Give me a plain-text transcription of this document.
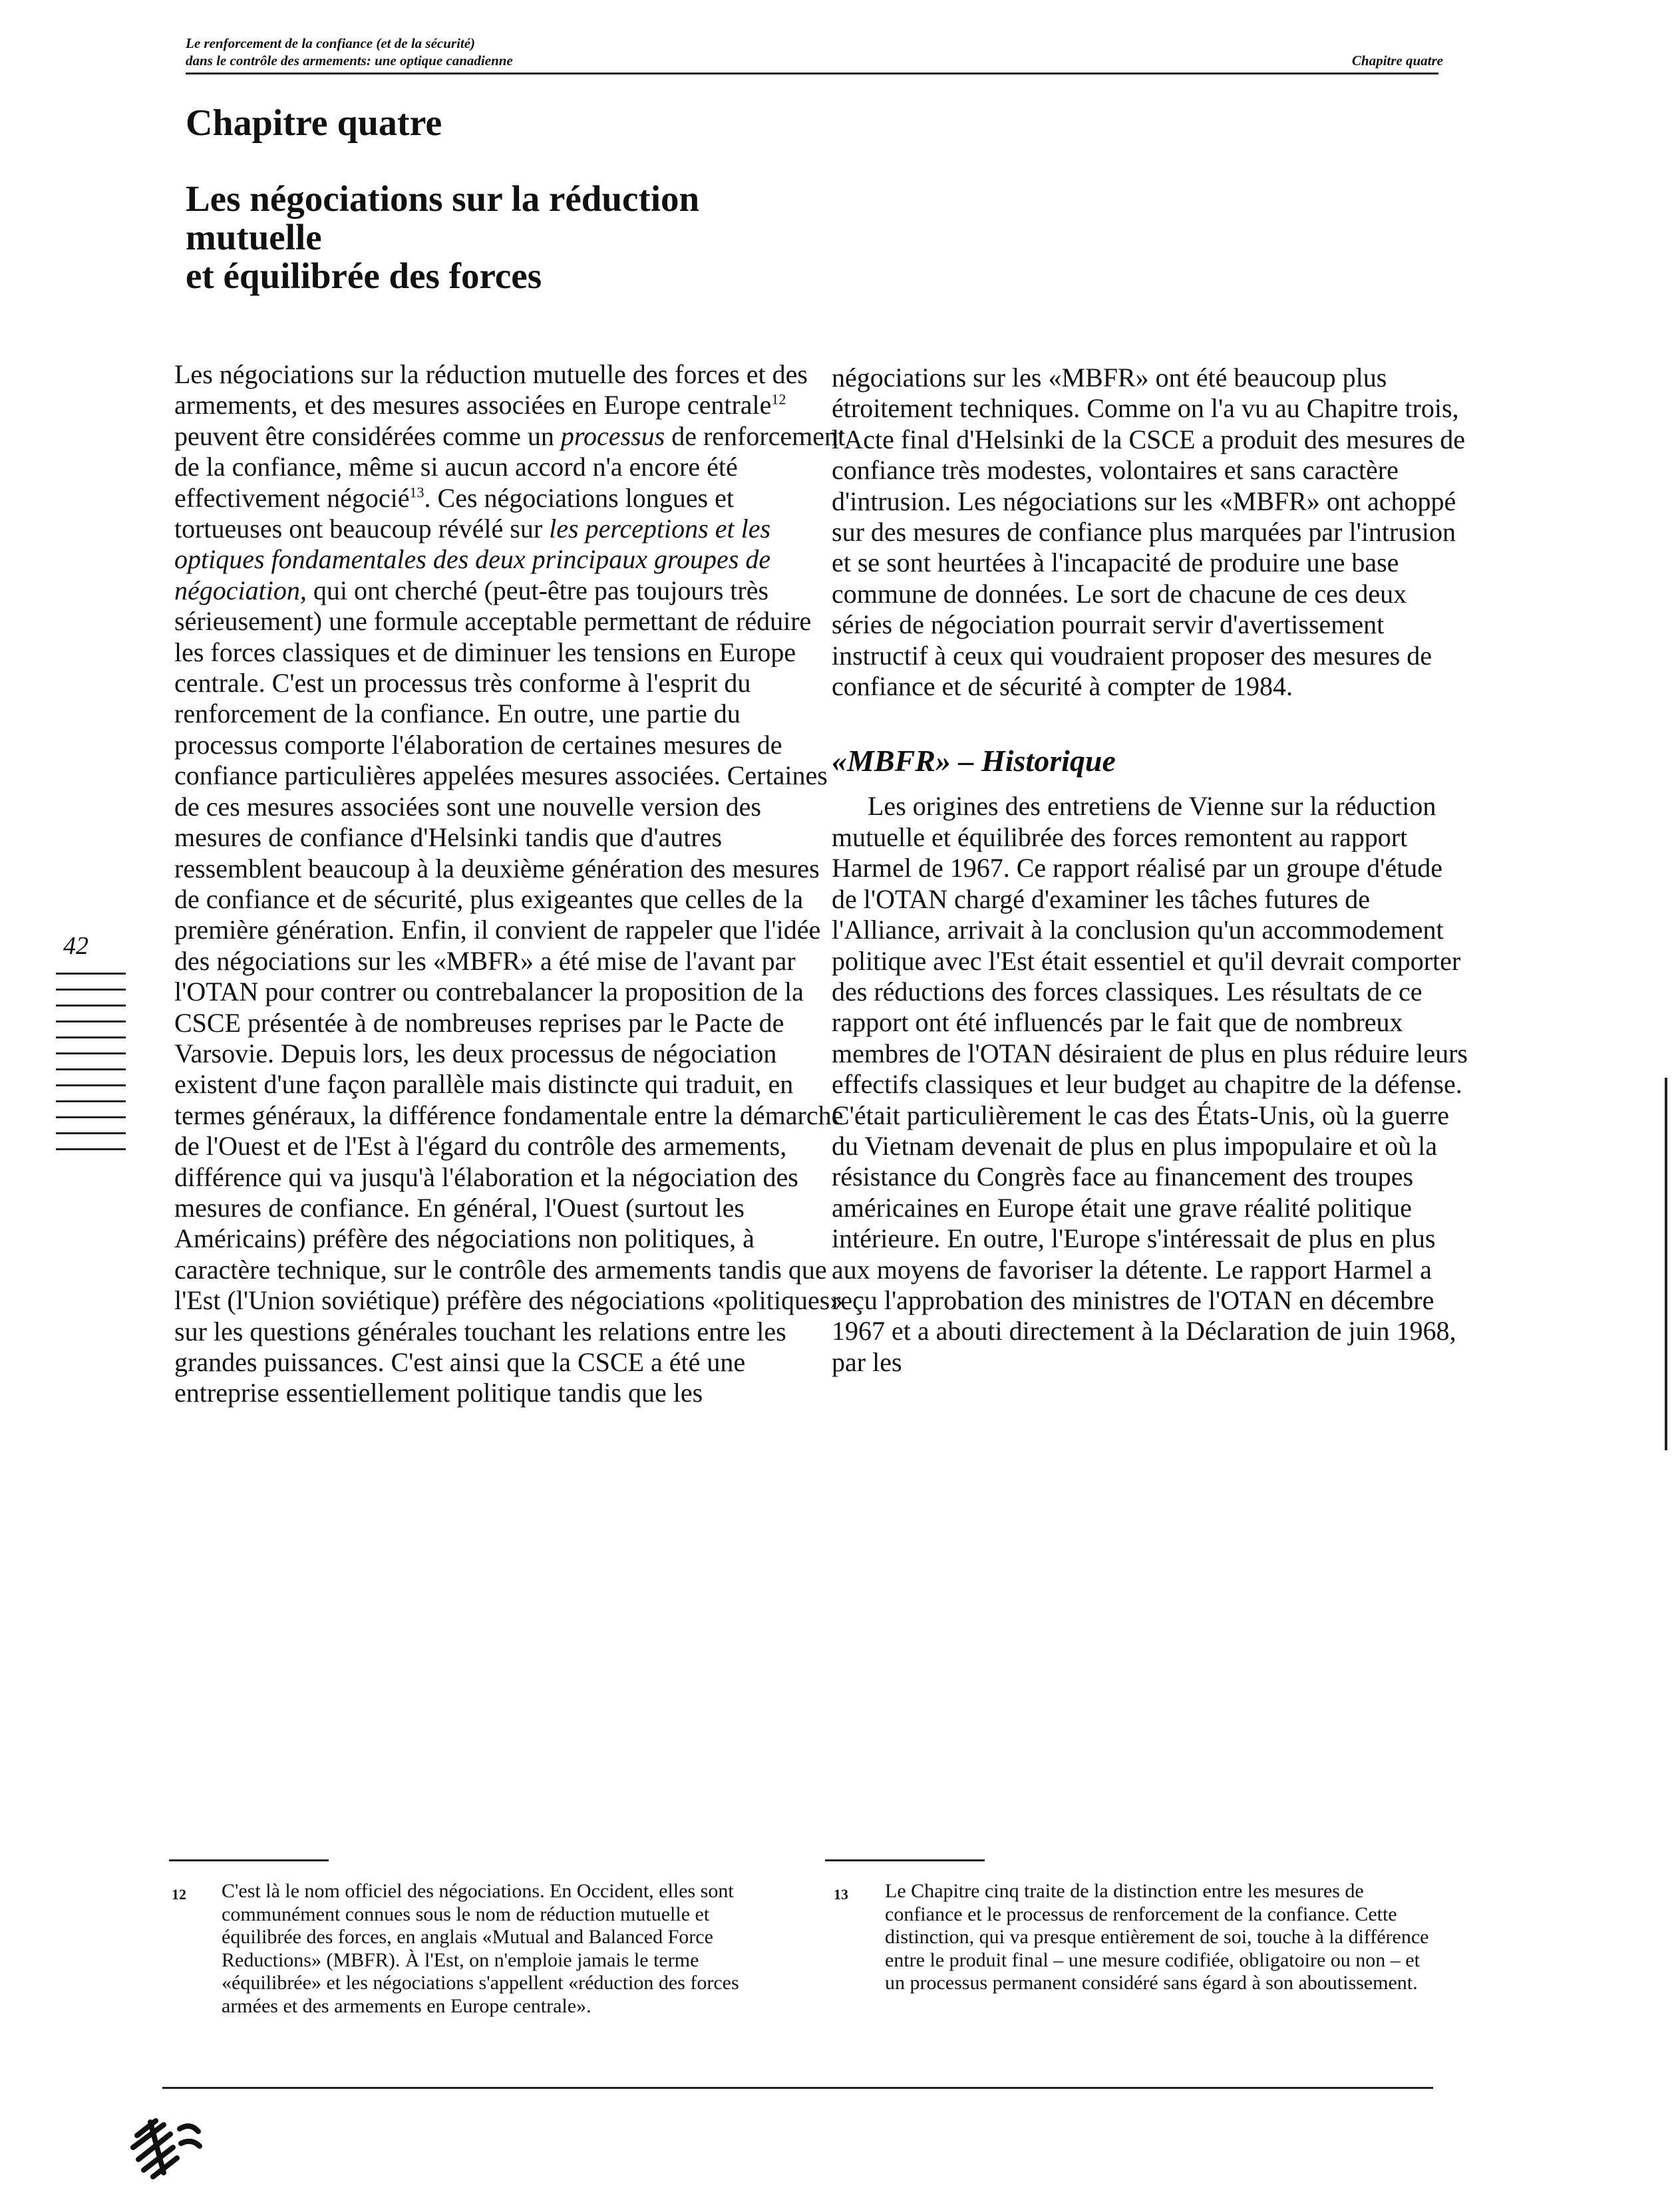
Le renforcement de la confiance (et de la sécurité)
dans le contrôle des armements: une optique canadienne	Chapitre quatre
Chapitre quatre
Les négociations sur la réduction
mutuelle
et équilibrée des forces
42

Les négociations sur la réduction mutuelle des forces et des armements, et des mesures associées en Europe centrale$^{12}$ peuvent être considérées comme un processus de renforcement de la confiance, même si aucun accord n'a encore été effectivement négocié$^{13}$. Ces négociations longues et tortueuses ont beaucoup révélé sur les perceptions et les optiques fondamentales des deux principaux groupes de négociation, qui ont cherché (peut-être pas toujours très sérieusement) une formule acceptable permettant de réduire les forces classiques et de diminuer les tensions en Europe centrale. C'est un processus très conforme à l'esprit du renforcement de la confiance. En outre, une partie du processus comporte l'élaboration de certaines mesures de confiance particulières appelées mesures associées. Certaines de ces mesures associées sont une nouvelle version des mesures de confiance d'Helsinki tandis que d'autres ressemblent beaucoup à la deuxième génération des mesures de confiance et de sécurité, plus exigeantes que celles de la première génération. Enfin, il convient de rappeler que l'idée des négociations sur les «MBFR» a été mise de l'avant par l'OTAN pour contrer ou contrebalancer la proposition de la CSCE présentée à de nombreuses reprises par le Pacte de Varsovie. Depuis lors, les deux processus de négociation existent d'une façon parallèle mais distincte qui traduit, en termes généraux, la différence fondamentale entre la démarche de l'Ouest et de l'Est à l'égard du contrôle des armements, différence qui va jusqu'à l'élaboration et la négociation des mesures de confiance. En général, l'Ouest (surtout les Américains) préfère des négociations non politiques, à caractère technique, sur le contrôle des armements tandis que l'Est (l'Union soviétique) préfère des négociations «politiques» sur les questions générales touchant les relations entre les grandes puissances. C'est ainsi que la CSCE a été une entreprise essentiellement politique tandis que les

négociations sur les «MBFR» ont été beaucoup plus étroitement techniques. Comme on l'a vu au Chapitre trois, l'Acte final d'Helsinki de la CSCE a produit des mesures de confiance très modestes, volontaires et sans caractère d'intrusion. Les négociations sur les «MBFR» ont achoppé sur des mesures de confiance plus marquées par l'intrusion et se sont heurtées à l'incapacité de produire une base commune de données. Le sort de chacune de ces deux séries de négociation pourrait servir d'avertissement instructif à ceux qui voudraient proposer des mesures de confiance et de sécurité à compter de 1984.

«MBFR» – Historique

Les origines des entretiens de Vienne sur la réduction mutuelle et équilibrée des forces remontent au rapport Harmel de 1967. Ce rapport réalisé par un groupe d'étude de l'OTAN chargé d'examiner les tâches futures de l'Alliance, arrivait à la conclusion qu'un accommodement politique avec l'Est était essentiel et qu'il devrait comporter des réductions des forces classiques. Les résultats de ce rapport ont été influencés par le fait que de nombreux membres de l'OTAN désiraient de plus en plus réduire leurs effectifs classiques et leur budget au chapitre de la défense. C'était particulièrement le cas des États-Unis, où la guerre du Vietnam devenait de plus en plus impopulaire et où la résistance du Congrès face au financement des troupes américaines en Europe était une grave réalité politique intérieure. En outre, l'Europe s'intéressait de plus en plus aux moyens de favoriser la détente. Le rapport Harmel a reçu l'approbation des ministres de l'OTAN en décembre 1967 et a abouti directement à la Déclaration de juin 1968, par les

12 C'est là le nom officiel des négociations. En Occident, elles sont communément connues sous le nom de réduction mutuelle et équilibrée des forces, en anglais «Mutual and Balanced Force Reductions» (MBFR). À l'Est, on n'emploie jamais le terme «équilibrée» et les négociations s'appellent «réduction des forces armées et des armements en Europe centrale».
13 Le Chapitre cinq traite de la distinction entre les mesures de confiance et le processus de renforcement de la confiance. Cette distinction, qui va presque entièrement de soi, touche à la différence entre le produit final – une mesure codifiée, obligatoire ou non – et un processus permanent considéré sans égard à son aboutissement.
